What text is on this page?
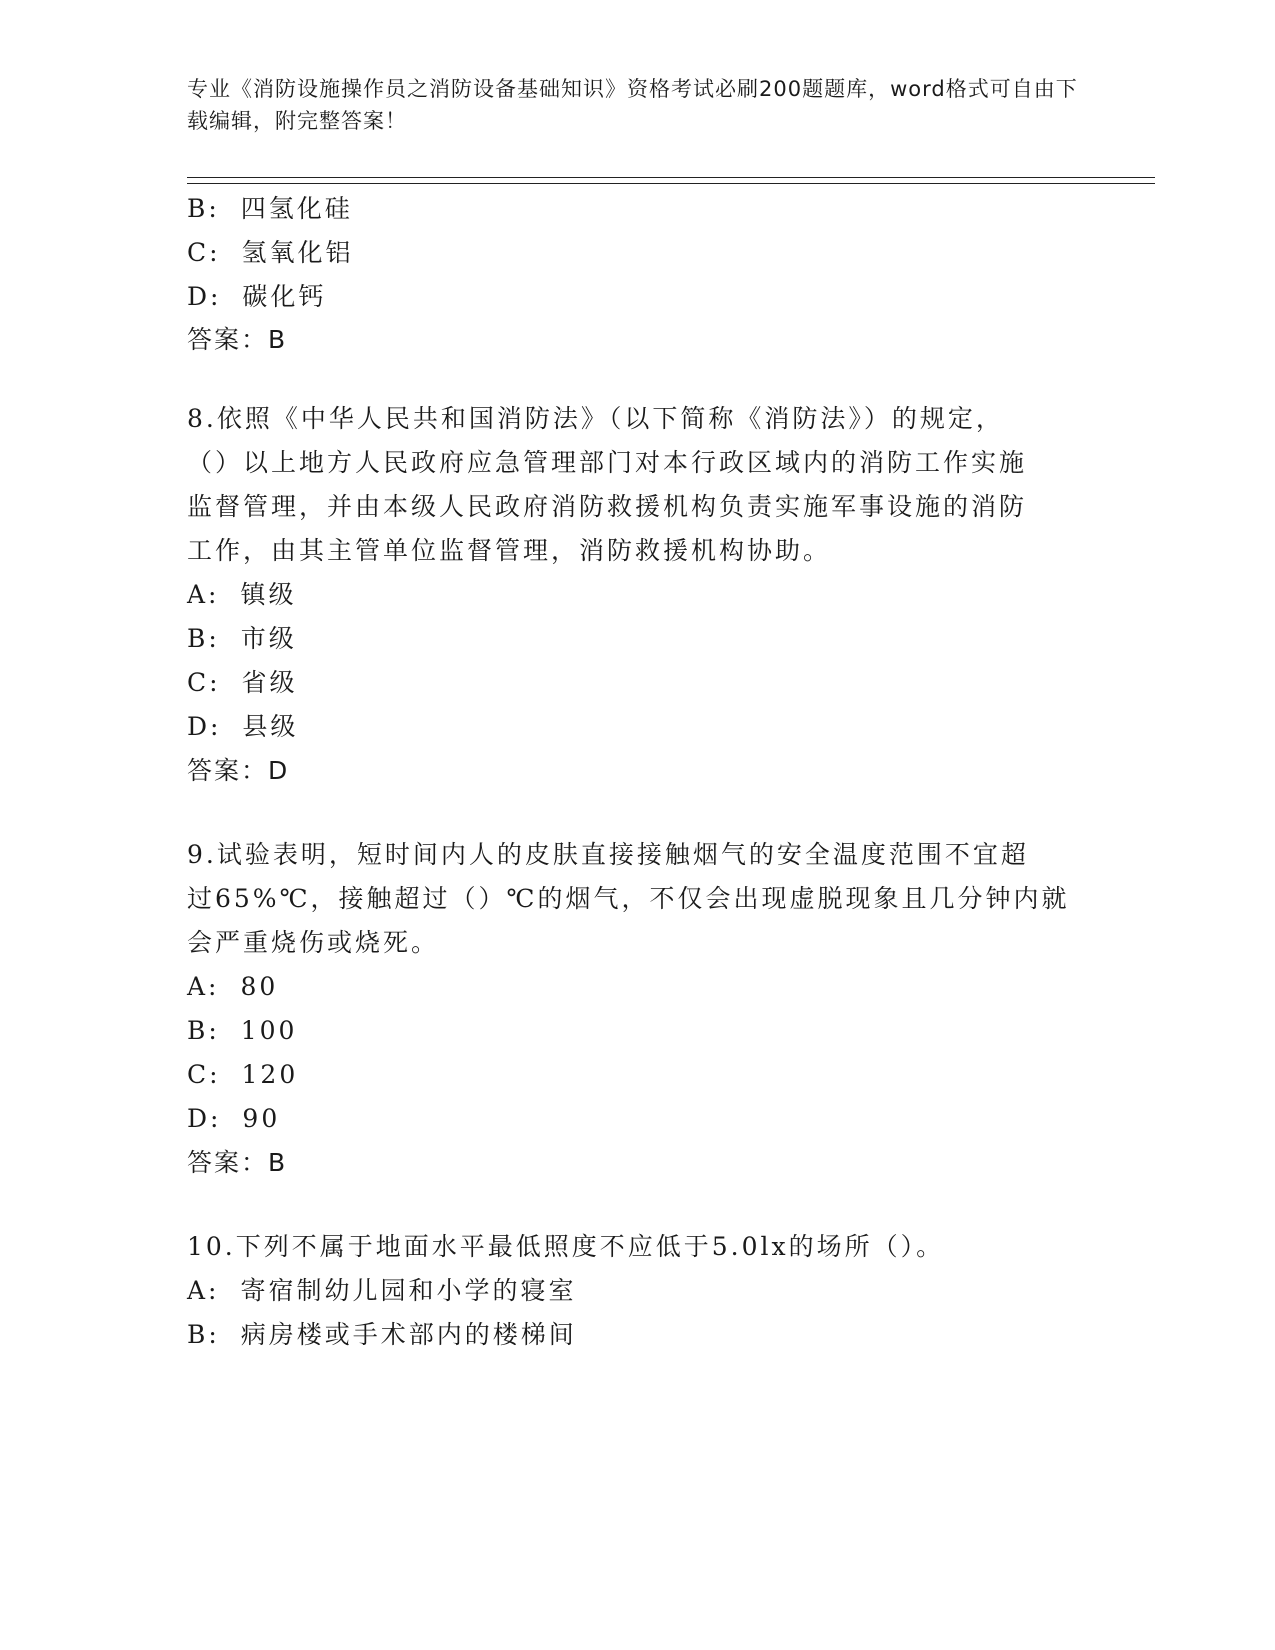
专业《消防设施操作员之消防设备基础知识》资格考试必刷200题题库，word格式可自由下载编辑，附完整答案！
B: 四氢化硅
C: 氢氧化铝
D: 碳化钙
答案：B
8.依照《中华人民共和国消防法》（以下简称《消防法》）的规定，
（）以上地方人民政府应急管理部门对本行政区域内的消防工作实施
监督管理，并由本级人民政府消防救援机构负责实施军事设施的消防
工作，由其主管单位监督管理，消防救援机构协助。
A: 镇级
B: 市级
C: 省级
D: 县级
答案：D
9.试验表明，短时间内人的皮肤直接接触烟气的安全温度范围不宜超
过65%℃，接触超过（）℃的烟气，不仅会出现虚脱现象且几分钟内就
会严重烧伤或烧死。
A: 80
B: 100
C: 120
D: 90
答案：B
10.下列不属于地面水平最低照度不应低于5.0lx的场所（）。
A: 寄宿制幼儿园和小学的寝室
B: 病房楼或手术部内的楼梯间
